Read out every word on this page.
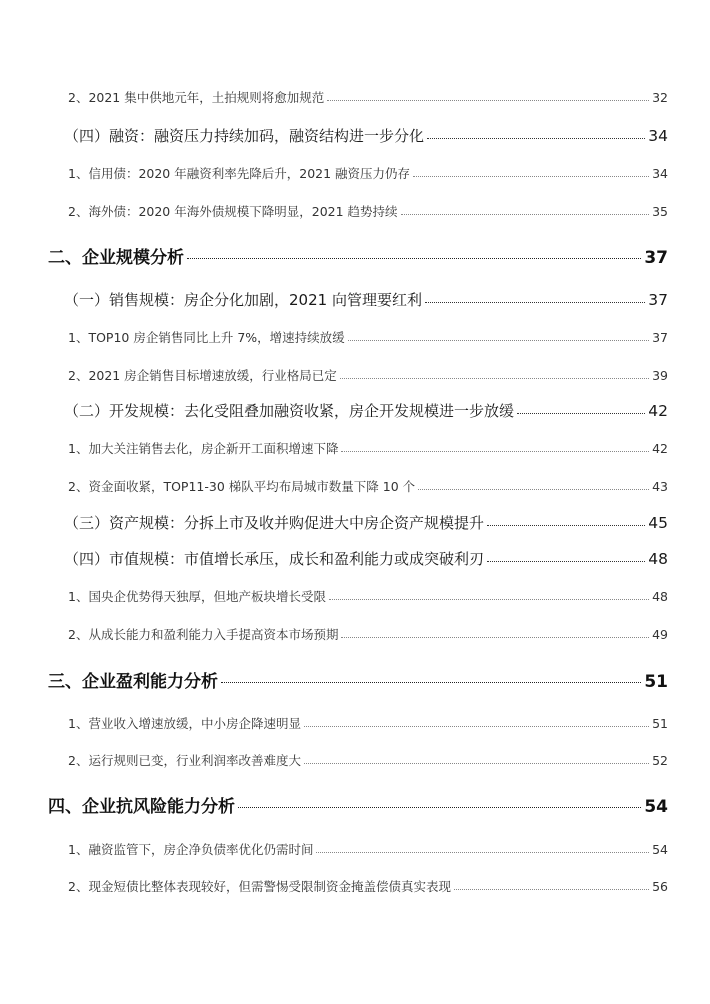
2、2021 集中供地元年，土拍规则将愈加规范	32
（四）融资：融资压力持续加码，融资结构进一步分化	34
1、信用债：2020 年融资利率先降后升，2021 融资压力仍存	34
2、海外债：2020 年海外债规模下降明显，2021 趋势持续	35
二、企业规模分析	37
（一）销售规模：房企分化加剧，2021 向管理要红利	37
1、TOP10 房企销售同比上升 7%，增速持续放缓	37
2、2021 房企销售目标增速放缓，行业格局已定	39
（二）开发规模：去化受阻叠加融资收紧，房企开发规模进一步放缓	42
1、加大关注销售去化，房企新开工面积增速下降	42
2、资金面收紧，TOP11-30 梯队平均布局城市数量下降 10 个	43
（三）资产规模：分拆上市及收并购促进大中房企资产规模提升	45
（四）市值规模：市值增长承压，成长和盈利能力或成突破利刃	48
1、国央企优势得天独厚，但地产板块增长受限	48
2、从成长能力和盈利能力入手提高资本市场预期	49
三、企业盈利能力分析	51
1、营业收入增速放缓，中小房企降速明显	51
2、运行规则已变，行业利润率改善难度大	52
四、企业抗风险能力分析	54
1、融资监管下，房企净负债率优化仍需时间	54
2、现金短债比整体表现较好，但需警惕受限制资金掩盖偿债真实表现	56
